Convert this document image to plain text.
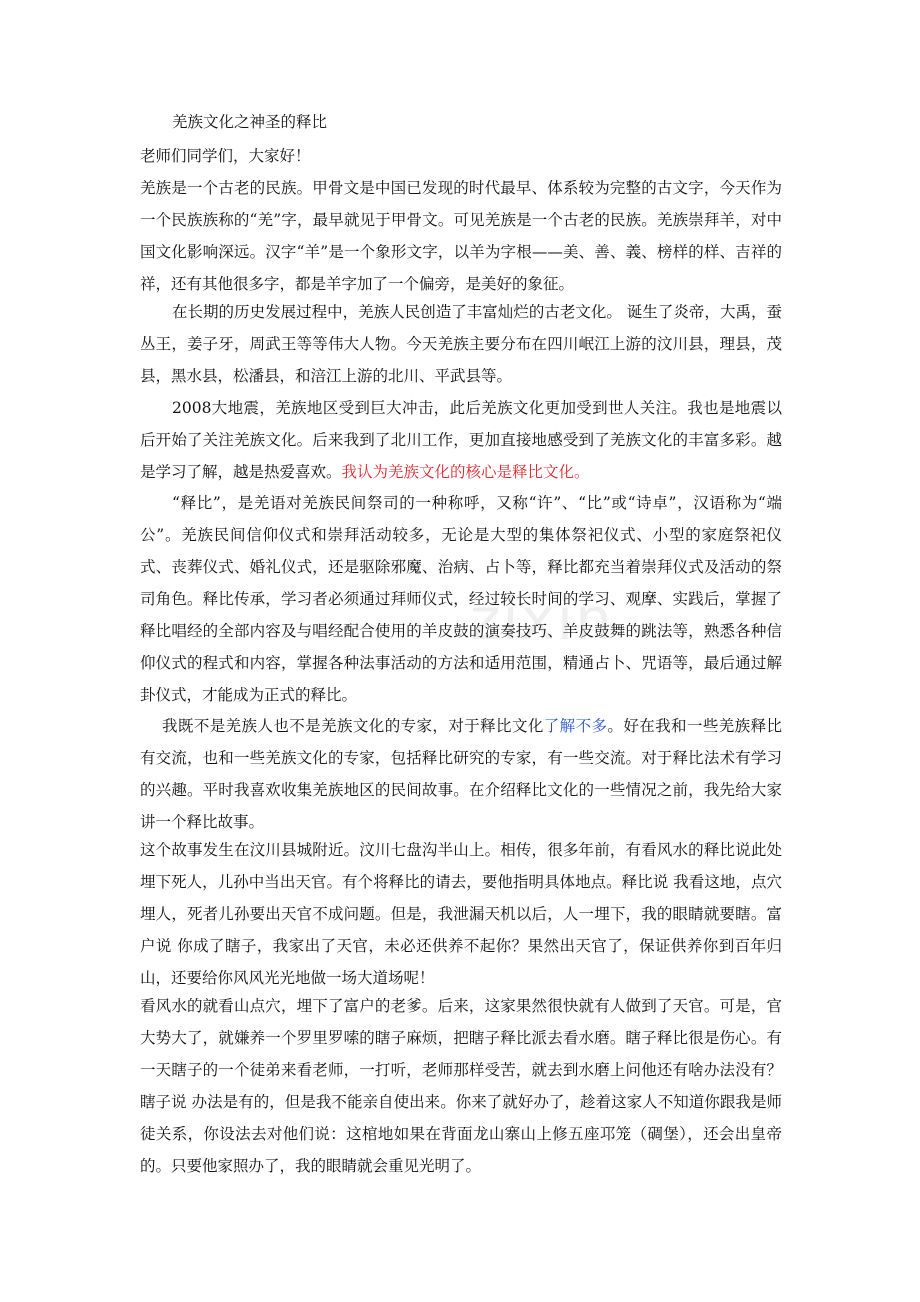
zixin
羌族文化之神圣的释比

老师们同学们，大家好！

羌族是一个古老的民族。甲骨文是中国已发现的时代最早、体系较为完整的古文字，今天作为一个民族族称的“羌”字，最早就见于甲骨文。可见羌族是一个古老的民族。羌族崇拜羊，对中国文化影响深远。汉字“羊”是一个象形文字，以羊为字根——美、善、義、榜样的样、吉祥的祥，还有其他很多字，都是羊字加了一个偏旁，是美好的象征。

在长期的历史发展过程中，羌族人民创造了丰富灿烂的古老文化。 诞生了炎帝，大禹，蚕丛王，姜子牙，周武王等等伟大人物。今天羌族主要分布在四川岷江上游的汶川县，理县，茂县，黑水县，松潘县，和涪江上游的北川、平武县等。

2008大地震，羌族地区受到巨大冲击，此后羌族文化更加受到世人关注。我也是地震以后开始了关注羌族文化。后来我到了北川工作，更加直接地感受到了羌族文化的丰富多彩。越是学习了解，越是热爱喜欢。我认为羌族文化的核心是释比文化。

“释比”，是羌语对羌族民间祭司的一种称呼，又称“许”、“比”或“诗卓”，汉语称为“端公”。羌族民间信仰仪式和崇拜活动较多，无论是大型的集体祭祀仪式、小型的家庭祭祀仪式、丧葬仪式、婚礼仪式，还是驱除邪魔、治病、占卜等，释比都充当着崇拜仪式及活动的祭司角色。释比传承，学习者必须通过拜师仪式，经过较长时间的学习、观摩、实践后，掌握了释比唱经的全部内容及与唱经配合使用的羊皮鼓的演奏技巧、羊皮鼓舞的跳法等，熟悉各种信仰仪式的程式和内容，掌握各种法事活动的方法和适用范围，精通占卜、咒语等，最后通过解卦仪式，才能成为正式的释比。

我既不是羌族人也不是羌族文化的专家，对于释比文化了解不多。好在我和一些羌族释比有交流，也和一些羌族文化的专家，包括释比研究的专家，有一些交流。对于释比法术有学习的兴趣。平时我喜欢收集羌族地区的民间故事。在介绍释比文化的一些情况之前，我先给大家讲一个释比故事。

这个故事发生在汶川县城附近。汶川七盘沟半山上。相传，很多年前，有看风水的释比说此处埋下死人，儿孙中当出天官。有个将释比的请去，要他指明具体地点。释比说 我看这地，点穴埋人，死者儿孙要出天官不成问题。但是，我泄漏天机以后，人一埋下，我的眼睛就要瞎。富户说 你成了瞎子，我家出了天官，未必还供养不起你？果然出天官了，保证供养你到百年归山，还要给你风风光光地做一场大道场呢！

看风水的就看山点穴，埋下了富户的老爹。后来，这家果然很快就有人做到了天官。可是，官大势大了，就嫌养一个罗里罗嗦的瞎子麻烦，把瞎子释比派去看水磨。瞎子释比很是伤心。有一天瞎子的一个徒弟来看老师，一打听，老师那样受苦，就去到水磨上问他还有啥办法没有？瞎子说 办法是有的，但是我不能亲自使出来。你来了就好办了，趁着这家人不知道你跟我是师徒关系，你设法去对他们说：这棺地如果在背面龙山寨山上修五座邛笼（碉堡），还会出皇帝的。只要他家照办了，我的眼睛就会重见光明了。
